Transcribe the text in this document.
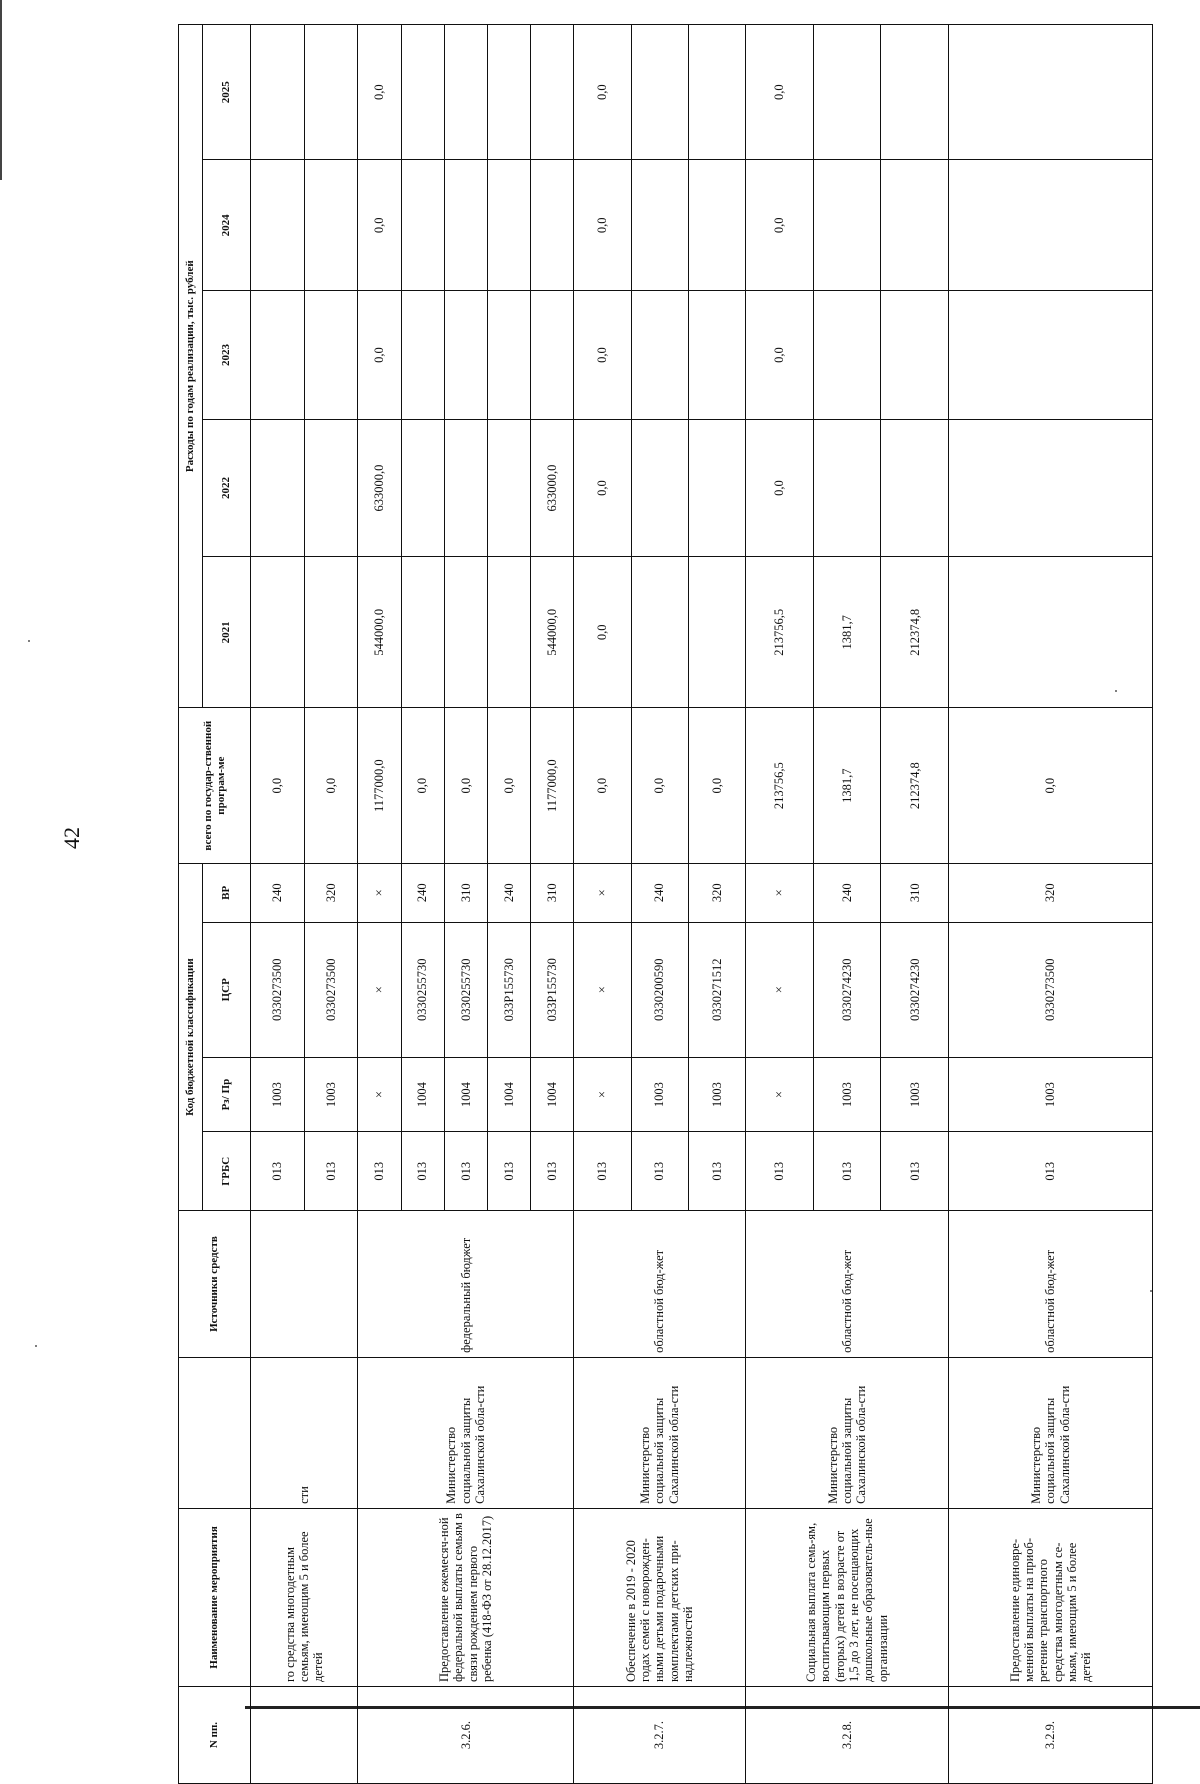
42
N пп.	Наименование мероприятия		Источники средств	Код бюджетной классификации				всего по государ-ственной програм-ме	Расходы по годам реализации, тыс. рублей				
				ГРБС	Рз/ Пр	ЦСР	ВР		2021	2022	2023	2024	2025
	го средства многодетным семьям, имеющим 5 и более детей	сти		013	1003	0330273500	240	0,0					
				013	1003	0330273500	320	0,0					
3.2.6.	Предоставление ежемесяч-ной федеральной выплаты семьям в связи рождением первого ребенка (418-ФЗ от 28.12.2017)	Министерство социальной защиты Сахалинской обла-сти	федеральный бюджет	013	×	×	×	1177000,0	544000,0	633000,0	0,0	0,0	0,0
				013	1004	0330255730	240	0,0					
				013	1004	0330255730	310	0,0					
				013	1004	033P155730	240	0,0					
				013	1004	033P155730	310	1177000,0	544000,0	633000,0			
3.2.7.	Обеспечение в 2019 - 2020 годах семей с новорожден-ными детьми подарочными комплектами детских при-надлежностей	Министерство социальной защиты Сахалинской обла-сти	областной бюд-жет	013	×	×	×	0,0	0,0	0,0	0,0	0,0	0,0
				013	1003	0330200590	240	0,0					
				013	1003	0330271512	320	0,0					
3.2.8.	Социальная выплата семь-ям, воспитывающим первых (вторых) детей в возрасте от 1,5 до 3 лет, не посещающих дошкольные образователь-ные организации	Министерство социальной защиты Сахалинской обла-сти	областной бюд-жет	013	×	×	×	213756,5	213756,5	0,0	0,0	0,0	0,0
				013	1003	0330274230	240	1381,7	1381,7				
				013	1003	0330274230	310	212374,8	212374,8				
3.2.9.	Предоставление единовре-менной выплаты на приоб-ретение транспортного средства многодетным се-мьям, имеющим 5 и более детей	Министерство социальной защиты Сахалинской обла-сти	областной бюд-жет	013	1003	0330273500	320	0,0					
